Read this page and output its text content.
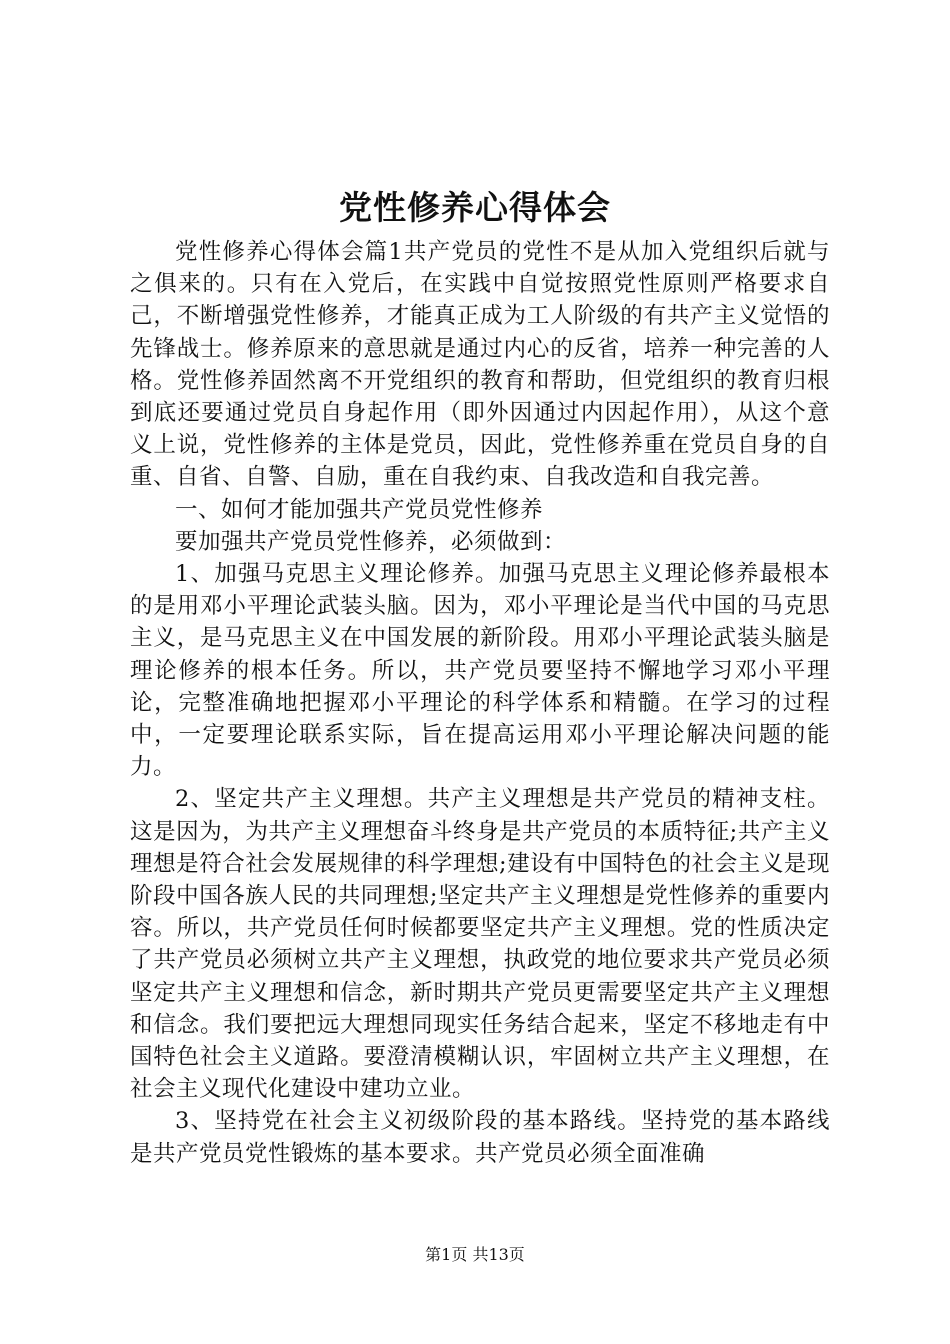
党性修养心得体会

党性修养心得体会篇1共产党员的党性不是从加入党组织后就与之俱来的。只有在入党后，在实践中自觉按照党性原则严格要求自己，不断增强党性修养，才能真正成为工人阶级的有共产主义觉悟的先锋战士。修养原来的意思就是通过内心的反省，培养一种完善的人格。党性修养固然离不开党组织的教育和帮助，但党组织的教育归根到底还要通过党员自身起作用（即外因通过内因起作用），从这个意义上说，党性修养的主体是党员，因此，党性修养重在党员自身的自重、自省、自警、自励，重在自我约束、自我改造和自我完善。

一、如何才能加强共产党员党性修养

要加强共产党员党性修养，必须做到：

1、加强马克思主义理论修养。加强马克思主义理论修养最根本的是用邓小平理论武装头脑。因为，邓小平理论是当代中国的马克思主义，是马克思主义在中国发展的新阶段。用邓小平理论武装头脑是理论修养的根本任务。所以，共产党员要坚持不懈地学习邓小平理论，完整准确地把握邓小平理论的科学体系和精髓。在学习的过程中，一定要理论联系实际，旨在提高运用邓小平理论解决问题的能力。

2、坚定共产主义理想。共产主义理想是共产党员的精神支柱。这是因为，为共产主义理想奋斗终身是共产党员的本质特征;共产主义理想是符合社会发展规律的科学理想;建设有中国特色的社会主义是现阶段中国各族人民的共同理想;坚定共产主义理想是党性修养的重要内容。所以，共产党员任何时候都要坚定共产主义理想。党的性质决定了共产党员必须树立共产主义理想，执政党的地位要求共产党员必须坚定共产主义理想和信念，新时期共产党员更需要坚定共产主义理想和信念。我们要把远大理想同现实任务结合起来，坚定不移地走有中国特色社会主义道路。要澄清模糊认识，牢固树立共产主义理想，在社会主义现代化建设中建功立业。

3、坚持党在社会主义初级阶段的基本路线。坚持党的基本路线是共产党员党性锻炼的基本要求。共产党员必须全面准确

第1页 共13页
